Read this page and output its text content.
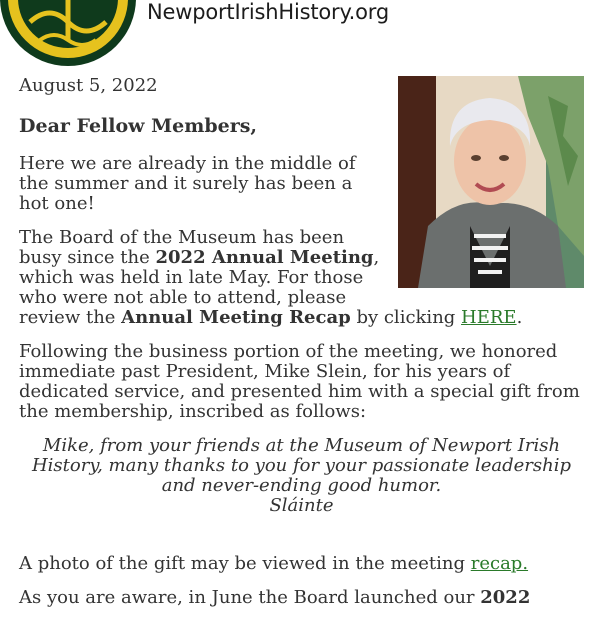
NewportIrishHistory.org
August 5, 2022
Dear Fellow Members,

Here we are already in the middle of the summer and it surely has been a hot one!

The Board of the Museum has been busy since the 2022 Annual Meeting, which was held in late May. For those who were not able to attend, please review the Annual Meeting Recap by clicking HERE.

Following the business portion of the meeting, we honored immediate past President, Mike Slein, for his years of dedicated service, and presented him with a special gift from the membership, inscribed as follows:

Mike, from your friends at the Museum of Newport Irish History, many thanks to you for your passionate leadership and never-ending good humor.
Sláinte

A photo of the gift may be viewed in the meeting recap.

As you are aware, in June the Board launched our 2022
